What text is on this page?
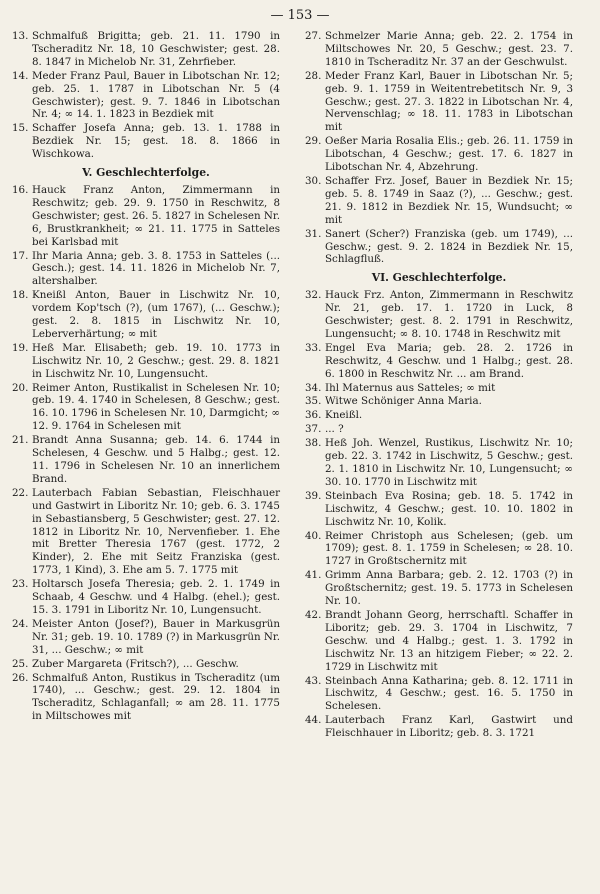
— 153 —
13. Schmalfuß Brigitta; geb. 21. 11. 1790 in Tscheraditz Nr. 18, 10 Geschwister; gest. 28. 8. 1847 in Michelob Nr. 31, Zehrfieber.
14. Meder Franz Paul, Bauer in Libotschan Nr. 12; geb. 25. 1. 1787 in Libotschan Nr. 5 (4 Geschwister); gest. 9. 7. 1846 in Libotschan Nr. 4; ∞ 14. 1. 1823 in Bezdiek mit
15. Schaffer Josefa Anna; geb. 13. 1. 1788 in Bezdiek Nr. 15; gest. 18. 8. 1866 in Wischkowa.
V. Geschlechterfolge.
16. Hauck Franz Anton, Zimmermann in Reschwitz; geb. 29. 9. 1750 in Reschwitz, 8 Geschwister; gest. 26. 5. 1827 in Schelesen Nr. 6, Brustkrankheit; ∞ 21. 11. 1775 in Satteles bei Karlsbad mit
17. Ihr Maria Anna; geb. 3. 8. 1753 in Satteles (... Gesch.); gest. 14. 11. 1826 in Michelob Nr. 7, altershalber.
18. Kneißl Anton, Bauer in Lischwitz Nr. 10, vordem Kop'tsch (?), (um 1767), (... Geschw.); gest. 2. 8. 1815 in Lischwitz Nr. 10, Leberverhärtung; ∞ mit
19. Heß Mar. Elisabeth; geb. 19. 10. 1773 in Lischwitz Nr. 10, 2 Geschw.; gest. 29. 8. 1821 in Lischwitz Nr. 10, Lungensucht.
20. Reimer Anton, Rustikalist in Schelesen Nr. 10; geb. 19. 4. 1740 in Schelesen, 8 Geschw.; gest. 16. 10. 1796 in Schelesen Nr. 10, Darmgicht; ∞ 12. 9. 1764 in Schelesen mit
21. Brandt Anna Susanna; geb. 14. 6. 1744 in Schelesen, 4 Geschw. und 5 Halbg.; gest. 12. 11. 1796 in Schelesen Nr. 10 an innerlichem Brand.
22. Lauterbach Fabian Sebastian, Fleischhauer und Gastwirt in Liboritz Nr. 10; geb. 6. 3. 1745 in Sebastiansberg, 5 Geschwister; gest. 27. 12. 1812 in Liboritz Nr. 10, Nervenfieber. 1. Ehe mit Bretter Theresia 1767 (gest. 1772, 2 Kinder), 2. Ehe mit Seitz Franziska (gest. 1773, 1 Kind), 3. Ehe am 5. 7. 1775 mit
23. Holtarsch Josefa Theresia; geb. 2. 1. 1749 in Schaab, 4 Geschw. und 4 Halbg. (ehel.); gest. 15. 3. 1791 in Liboritz Nr. 10, Lungensucht.
24. Meister Anton (Josef?), Bauer in Markusgrün Nr. 31; geb. 19. 10. 1789 (?) in Markusgrün Nr. 31, ... Geschw.; ∞ mit
25. Zuber Margareta (Fritsch?), ... Geschw.
26. Schmalfuß Anton, Rustikus in Tscheraditz (um 1740), ... Geschw.; gest. 29. 12. 1804 in Tscheraditz, Schlaganfall; ∞ am 28. 11. 1775 in Miltschowes mit
27. Schmelzer Marie Anna; geb. 22. 2. 1754 in Miltschowes Nr. 20, 5 Geschw.; gest. 23. 7. 1810 in Tscheraditz Nr. 37 an der Geschwulst.
28. Meder Franz Karl, Bauer in Libotschan Nr. 5; geb. 9. 1. 1759 in Weitentrebetitsch Nr. 9, 3 Geschw.; gest. 27. 3. 1822 in Libotschan Nr. 4, Nervenschlag; ∞ 18. 11. 1783 in Libotschan mit
29. Oeßer Maria Rosalia Elis.; geb. 26. 11. 1759 in Libotschan, 4 Geschw.; gest. 17. 6. 1827 in Libotschan Nr. 4, Abzehrung.
30. Schaffer Frz. Josef, Bauer in Bezdiek Nr. 15; geb. 5. 8. 1749 in Saaz (?), ... Geschw.; gest. 21. 9. 1812 in Bezdiek Nr. 15, Wundsucht; ∞ mit
31. Sanert (Scher?) Franziska (geb. um 1749), ... Geschw.; gest. 9. 2. 1824 in Bezdiek Nr. 15, Schlagfluß.
VI. Geschlechterfolge.
32. Hauck Frz. Anton, Zimmermann in Reschwitz Nr. 21, geb. 17. 1. 1720 in Luck, 8 Geschwister; gest. 8. 2. 1791 in Reschwitz, Lungensucht; ∞ 8. 10. 1748 in Reschwitz mit
33. Engel Eva Maria; geb. 28. 2. 1726 in Reschwitz, 4 Geschw. und 1 Halbg.; gest. 28. 6. 1800 in Reschwitz Nr. ... am Brand.
34. Ihl Maternus aus Satteles; ∞ mit
35. Witwe Schöniger Anna Maria.
36. Kneißl.
37. ... ?
38. Heß Joh. Wenzel, Rustikus, Lischwitz Nr. 10; geb. 22. 3. 1742 in Lischwitz, 5 Geschw.; gest. 2. 1. 1810 in Lischwitz Nr. 10, Lungensucht; ∞ 30. 10. 1770 in Lischwitz mit
39. Steinbach Eva Rosina; geb. 18. 5. 1742 in Lischwitz, 4 Geschw.; gest. 10. 10. 1802 in Lischwitz Nr. 10, Kolik.
40. Reimer Christoph aus Schelesen; (geb. um 1709); gest. 8. 1. 1759 in Schelesen; ∞ 28. 10. 1727 in Großtschernitz mit
41. Grimm Anna Barbara; geb. 2. 12. 1703 (?) in Großtschernitz; gest. 19. 5. 1773 in Schelesen Nr. 10.
42. Brandt Johann Georg, herrschaftl. Schaffer in Liboritz; geb. 29. 3. 1704 in Lischwitz, 7 Geschw. und 4 Halbg.; gest. 1. 3. 1792 in Lischwitz Nr. 13 an hitzigem Fieber; ∞ 22. 2. 1729 in Lischwitz mit
43. Steinbach Anna Katharina; geb. 8. 12. 1711 in Lischwitz, 4 Geschw.; gest. 16. 5. 1750 in Schelesen.
44. Lauterbach Franz Karl, Gastwirt und Fleischhauer in Liboritz; geb. 8. 3. 1721
